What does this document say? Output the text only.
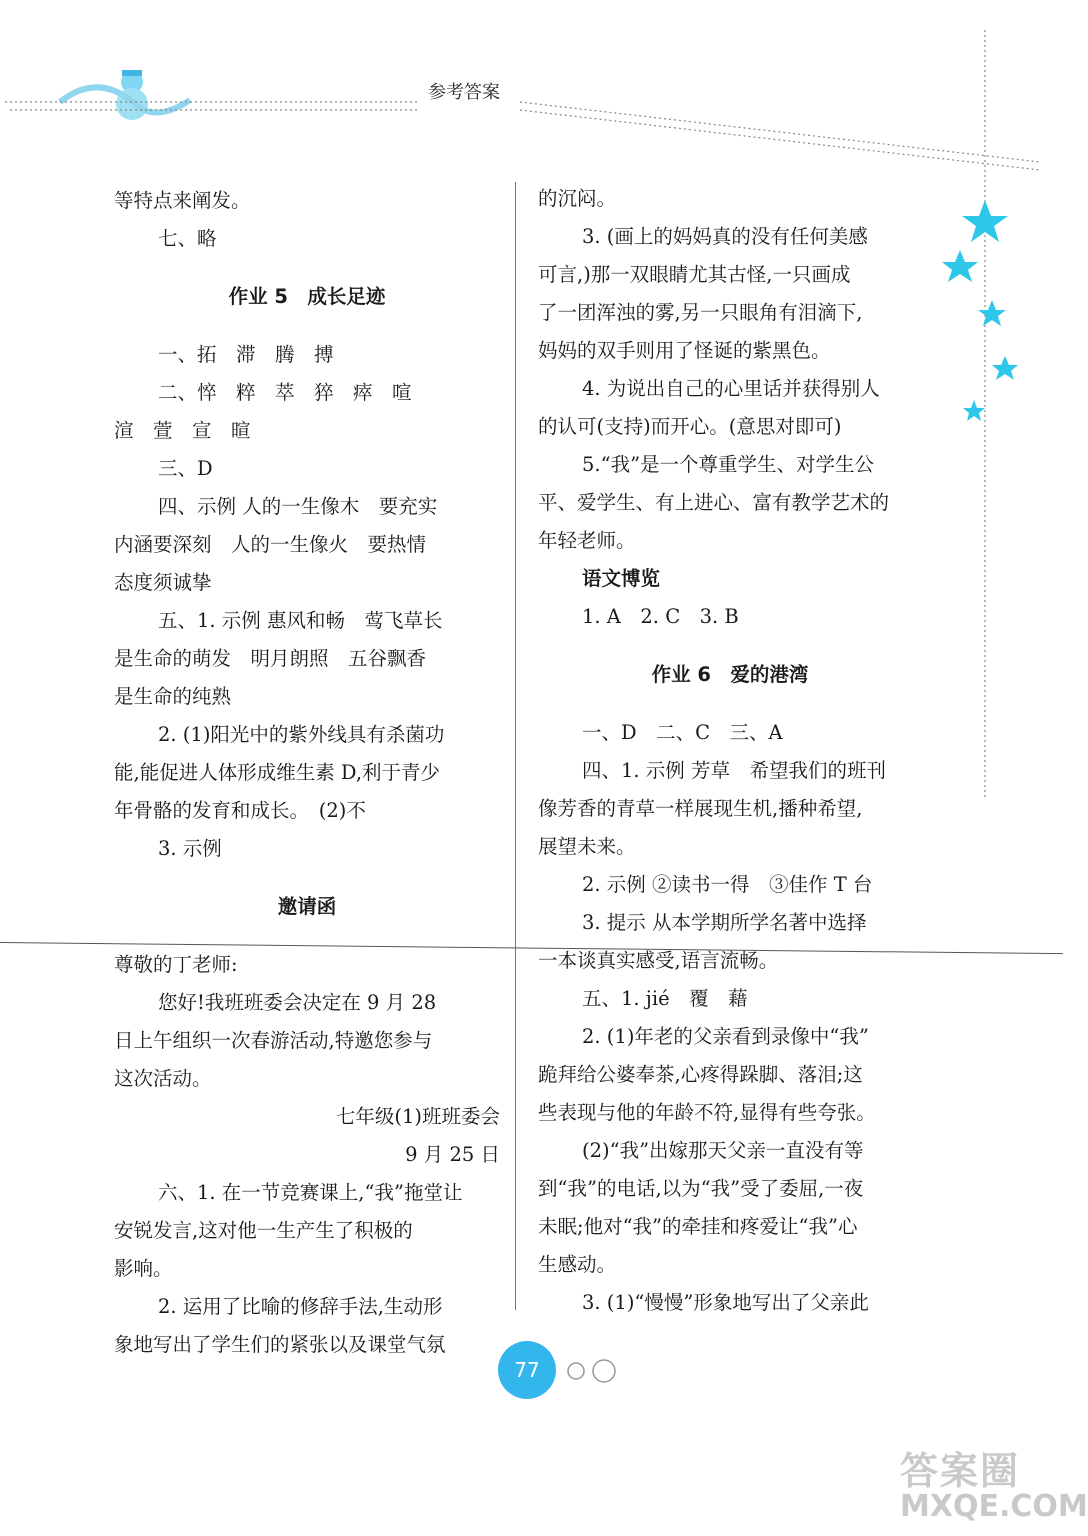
参考答案

等特点来阐发。

七、略

作业 5　成长足迹

一、拓　滞　腾　搏

二、悴　粹　萃　猝　瘁　喧

渲　萱　宣　暄

三、D

四、示例 人的一生像木　要充实

内涵要深刻　人的一生像火　要热情

态度须诚挚

五、1. 示例 惠风和畅　莺飞草长

是生命的萌发　明月朗照　五谷飘香

是生命的纯熟

2. (1)阳光中的紫外线具有杀菌功

能,能促进人体形成维生素 D,利于青少

年骨骼的发育和成长。　(2)不

3. 示例

邀请函

尊敬的丁老师:

您好!我班班委会决定在 9 月 28

日上午组织一次春游活动,特邀您参与

这次活动。

七年级(1)班班委会

9 月 25 日

六、1. 在一节竞赛课上,“我”拖堂让

安锐发言,这对他一生产生了积极的

影响。

2. 运用了比喻的修辞手法,生动形

象地写出了学生们的紧张以及课堂气氛

的沉闷。

3. (画上的妈妈真的没有任何美感

可言,)那一双眼睛尤其古怪,一只画成

了一团浑浊的雾,另一只眼角有泪滴下,

妈妈的双手则用了怪诞的紫黑色。

4. 为说出自己的心里话并获得别人

的认可(支持)而开心。(意思对即可)

5.“我”是一个尊重学生、对学生公

平、爱学生、有上进心、富有教学艺术的

年轻老师。

语文博览

1. A　2. C　3. B

作业 6　爱的港湾

一、D　二、C　三、A

四、1. 示例 芳草　希望我们的班刊

像芳香的青草一样展现生机,播种希望,

展望未来。

2. 示例 ②读书一得　③佳作 T 台

3. 提示 从本学期所学名著中选择

一本谈真实感受,语言流畅。

五、1. jié　覆　藉

2. (1)年老的父亲看到录像中“我”

跪拜给公婆奉茶,心疼得跺脚、落泪;这

些表现与他的年龄不符,显得有些夸张。

(2)“我”出嫁那天父亲一直没有等

到“我”的电话,以为“我”受了委屈,一夜

未眠;他对“我”的牵挂和疼爱让“我”心

生感动。

3. (1)“慢慢”形象地写出了父亲此

77
答案圈
MXQE.COM
